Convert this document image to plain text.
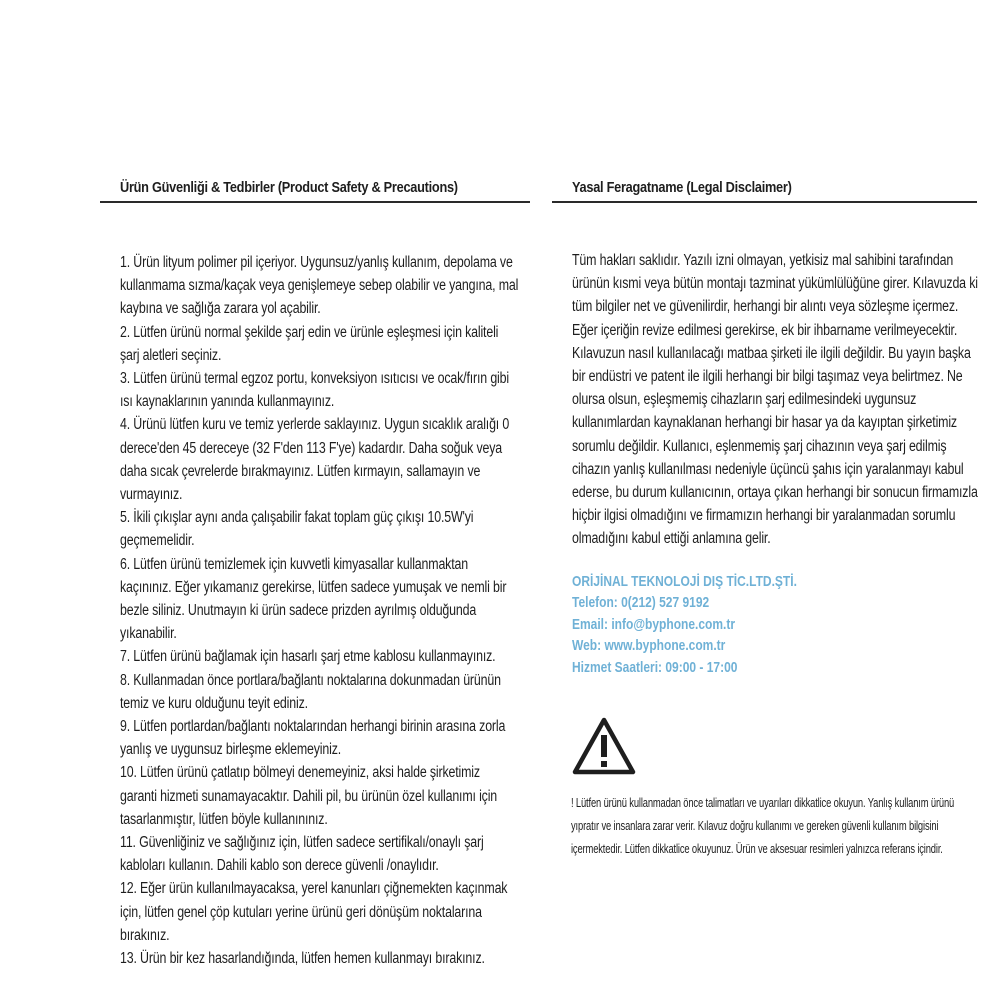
Ürün Güvenliği & Tedbirler (Product Safety & Precautions)

1. Ürün lityum polimer pil içeriyor. Uygunsuz/yanlış kullanım, depolama ve kullanmama sızma/kaçak veya genişlemeye sebep olabilir ve yangına, mal kaybına ve sağlığa zarara yol açabilir.

2. Lütfen ürünü normal şekilde şarj edin ve ürünle eşleşmesi için kaliteli şarj aletleri seçiniz.

3. Lütfen ürünü termal egzoz portu, konveksiyon ısıtıcısı ve ocak/fırın gibi ısı kaynaklarının yanında kullanmayınız.

4. Ürünü lütfen kuru ve temiz yerlerde saklayınız. Uygun sıcaklık aralığı 0 derece'den 45 dereceye (32 F'den 113 F'ye) kadardır. Daha soğuk veya daha sıcak çevrelerde bırakmayınız. Lütfen kırmayın, sallamayın ve vurmayınız.

5. İkili çıkışlar aynı anda çalışabilir fakat toplam güç çıkışı 10.5W'yi geçmemelidir.

6. Lütfen ürünü temizlemek için kuvvetli kimyasallar kullanmaktan kaçınınız. Eğer yıkamanız gerekirse, lütfen sadece yumuşak ve nemli bir bezle siliniz. Unutmayın ki ürün sadece prizden ayrılmış olduğunda yıkanabilir.

7. Lütfen ürünü bağlamak için hasarlı şarj etme kablosu kullanmayınız.

8. Kullanmadan önce portlara/bağlantı noktalarına dokunmadan ürünün temiz ve kuru olduğunu teyit ediniz.

9. Lütfen portlardan/bağlantı noktalarından herhangi birinin arasına zorla yanlış ve uygunsuz birleşme eklemeyiniz.

10. Lütfen ürünü çatlatıp bölmeyi denemeyiniz, aksi halde şirketimiz garanti hizmeti sunamayacaktır. Dahili pil, bu ürünün özel kullanımı için tasarlanmıştır, lütfen böyle kullanınınız.

11. Güvenliğiniz ve sağlığınız için, lütfen sadece sertifikalı/onaylı şarj kabloları kullanın. Dahili kablo son derece güvenli /onaylıdır.

12. Eğer ürün kullanılmayacaksa, yerel kanunları çiğnemekten kaçınmak için, lütfen genel çöp kutuları yerine ürünü geri dönüşüm noktalarına bırakınız.

13. Ürün bir kez hasarlandığında, lütfen hemen kullanmayı bırakınız.

Yasal Feragatname (Legal Disclaimer)
Tüm hakları saklıdır. Yazılı izni olmayan, yetkisiz mal sahibini tarafından ürünün kısmi veya bütün montajı tazminat yükümlülüğüne girer. Kılavuzda ki tüm bilgiler net ve güvenilirdir, herhangi bir alıntı veya sözleşme içermez. Eğer içeriğin revize edilmesi gerekirse, ek bir ihbarname verilmeyecektir. Kılavuzun nasıl kullanılacağı matbaa şirketi ile ilgili değildir. Bu yayın başka bir endüstri ve patent ile ilgili herhangi bir bilgi taşımaz veya belirtmez. Ne olursa olsun, eşleşmemiş cihazların şarj edilmesindeki uygunsuz kullanımlardan kaynaklanan herhangi bir hasar ya da kayıptan şirketimiz sorumlu değildir. Kullanıcı, eşlenmemiş şarj cihazının veya şarj edilmiş cihazın yanlış kullanılması nedeniyle üçüncü şahıs için yaralanmayı kabul ederse, bu durum kullanıcının, ortaya çıkan herhangi bir sonucun firmamızla hiçbir ilgisi olmadığını ve firmamızın herhangi bir yaralanmadan sorumlu olmadığını kabul ettiği anlamına gelir.
ORİJİNAL TEKNOLOJİ DIŞ TİC.LTD.ŞTİ.
Telefon: 0(212) 527 9192
Email: info@byphone.com.tr
Web: www.byphone.com.tr
Hizmet Saatleri: 09:00 - 17:00
! Lütfen ürünü kullanmadan önce talimatları ve uyarıları dikkatlice okuyun. Yanlış kullanım ürünü yıpratır ve insanlara zarar verir. Kılavuz doğru kullanımı ve gereken güvenli kullanım bilgisini içermektedir. Lütfen dikkatlice okuyunuz. Ürün ve aksesuar resimleri yalnızca referans içindir.
